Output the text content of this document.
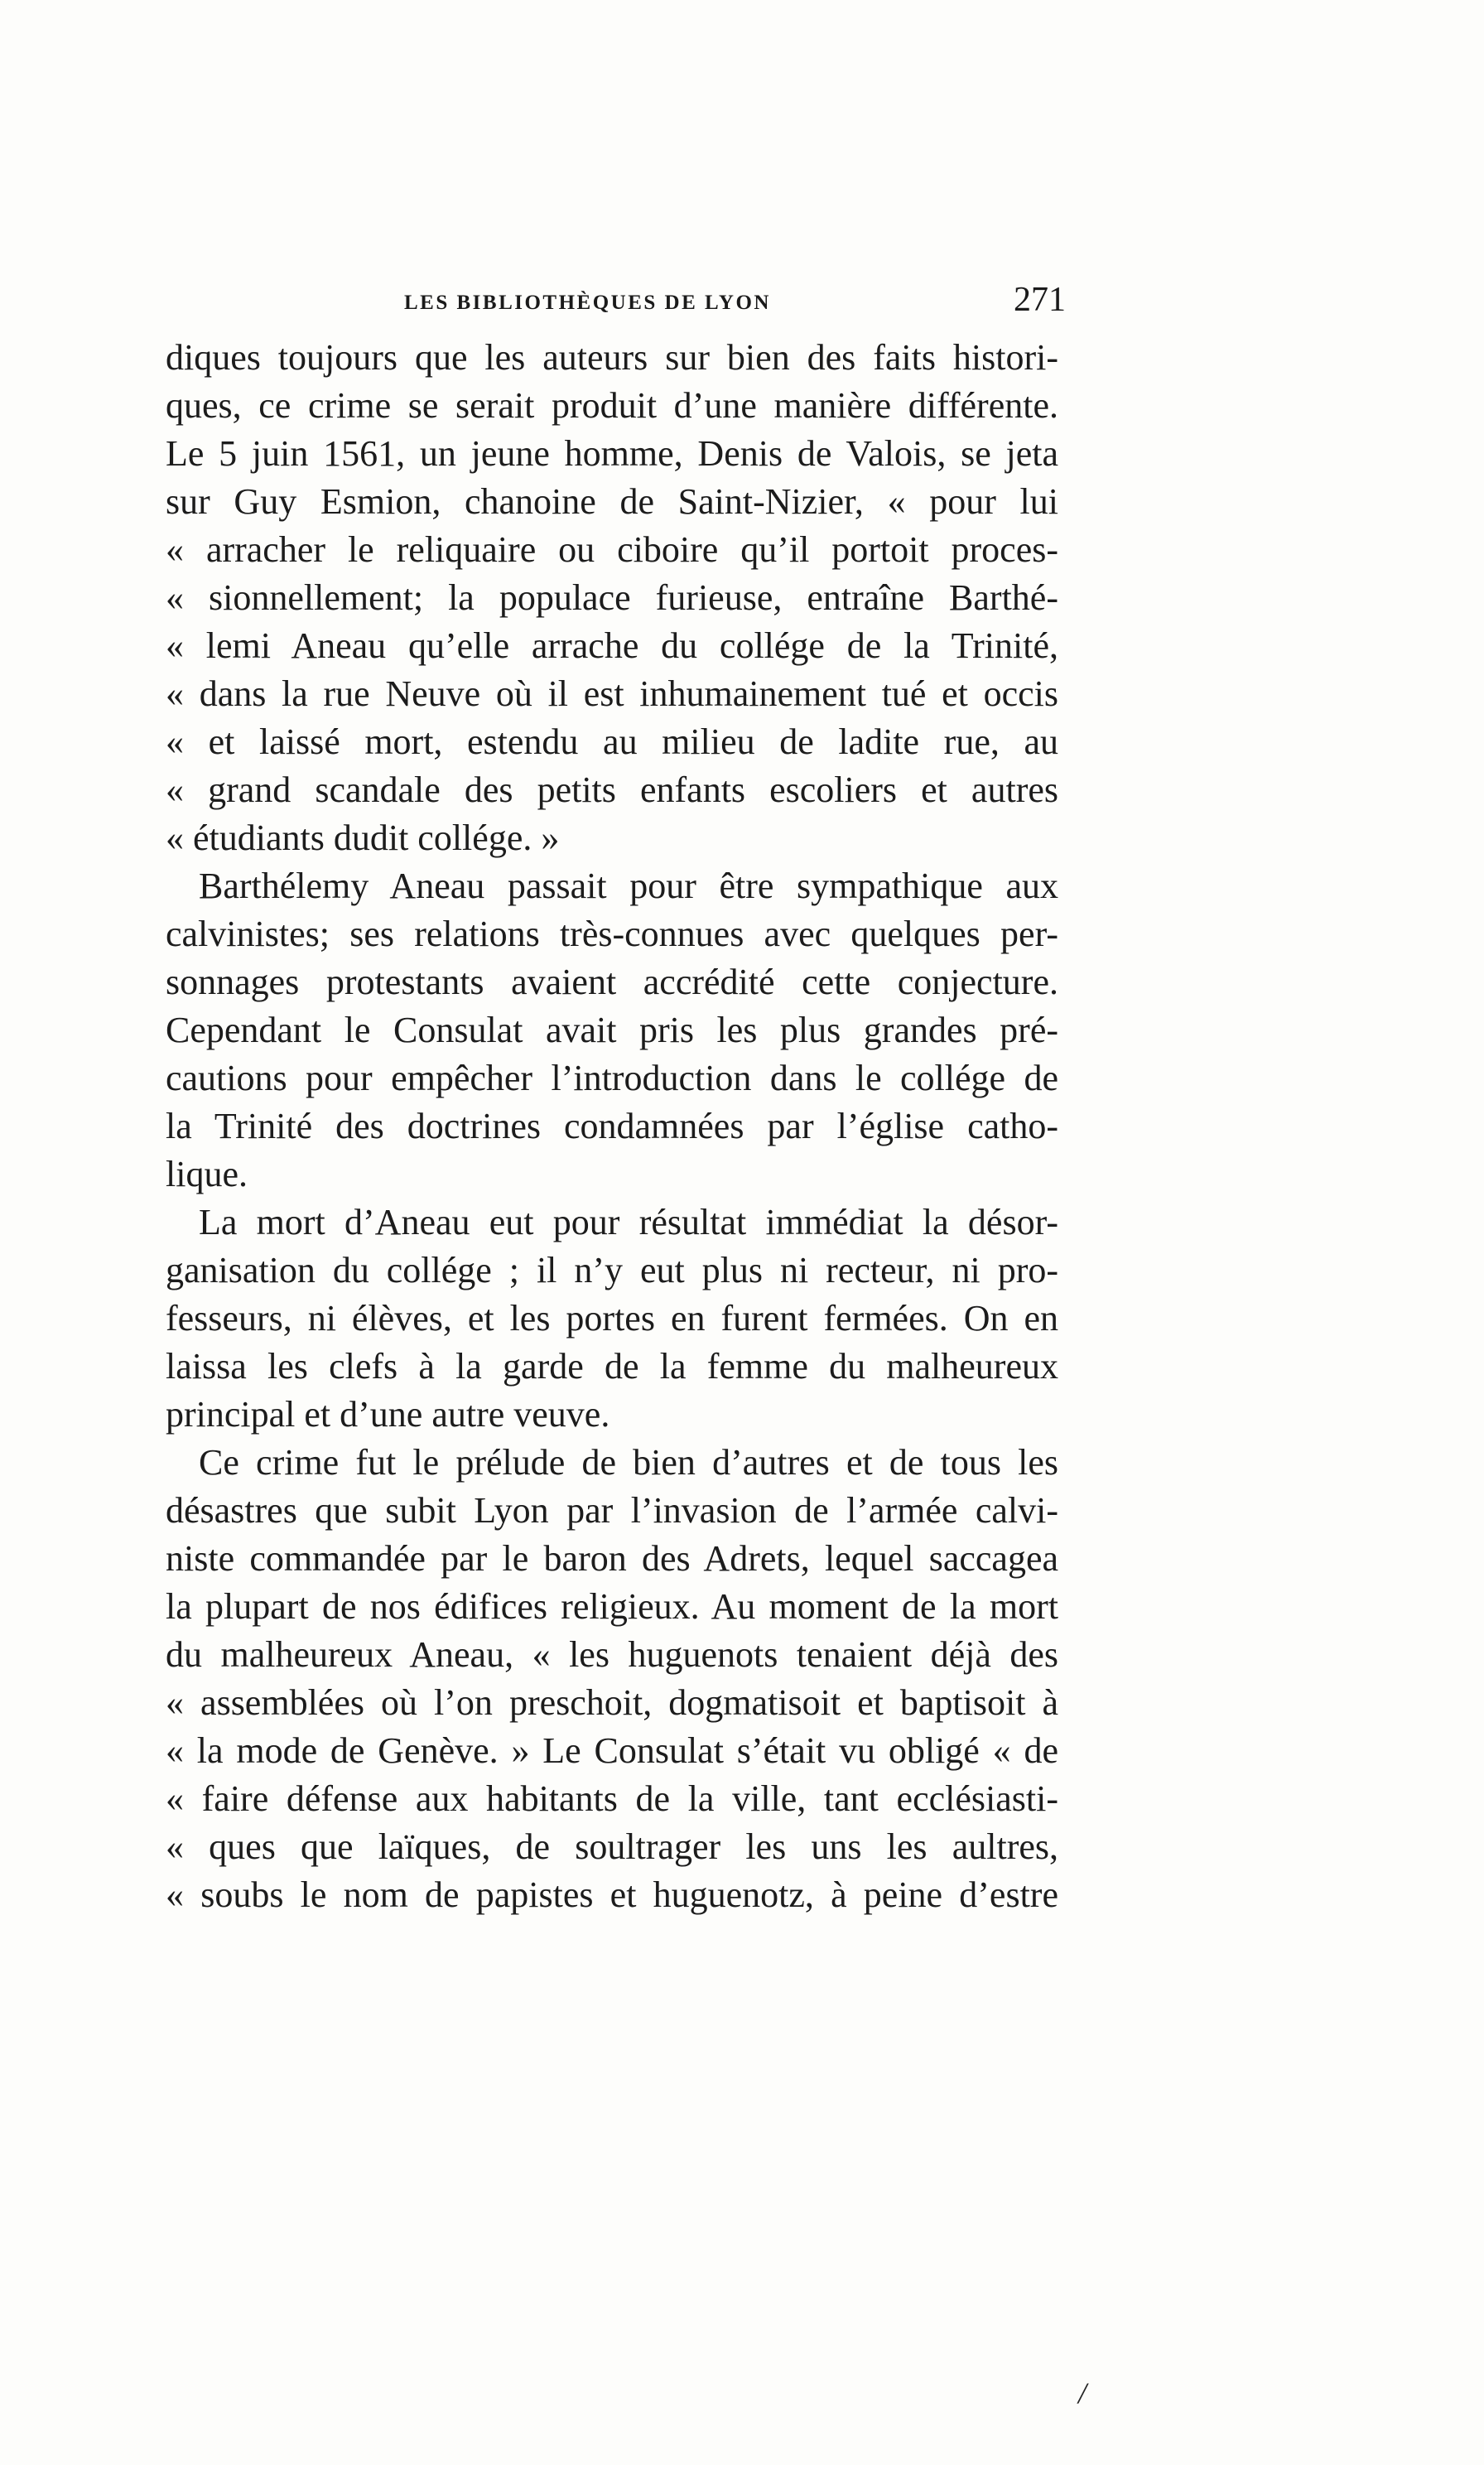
LES BIBLIOTHÈQUES DE LYON	271
diques toujours que les auteurs sur bien des faits histori-
ques, ce crime se serait produit d’une manière différente.
Le 5 juin 1561, un jeune homme, Denis de Valois, se jeta
sur Guy Esmion, chanoine de Saint-Nizier, « pour lui
« arracher le reliquaire ou ciboire qu’il portoit proces-
« sionnellement; la populace furieuse, entraîne Barthé-
« lemi Aneau qu’elle arrache du collége de la Trinité,
« dans la rue Neuve où il est inhumainement tué et occis
« et laissé mort, estendu au milieu de ladite rue, au
« grand scandale des petits enfants escoliers et autres
« étudiants dudit collége. »
Barthélemy Aneau passait pour être sympathique aux
calvinistes; ses relations très-connues avec quelques per-
sonnages protestants avaient accrédité cette conjecture.
Cependant le Consulat avait pris les plus grandes pré-
cautions pour empêcher l’introduction dans le collége de
la Trinité des doctrines condamnées par l’église catho-
lique.
La mort d’Aneau eut pour résultat immédiat la désor-
ganisation du collége ; il n’y eut plus ni recteur, ni pro-
fesseurs, ni élèves, et les portes en furent fermées. On en
laissa les clefs à la garde de la femme du malheureux
principal et d’une autre veuve.
Ce crime fut le prélude de bien d’autres et de tous les
désastres que subit Lyon par l’invasion de l’armée calvi-
niste commandée par le baron des Adrets, lequel saccagea
la plupart de nos édifices religieux. Au moment de la mort
du malheureux Aneau, « les huguenots tenaient déjà des
« assemblées où l’on preschoit, dogmatisoit et baptisoit à
« la mode de Genève. » Le Consulat s’était vu obligé « de
« faire défense aux habitants de la ville, tant ecclésiasti-
« ques que laïques, de soultrager les uns les aultres,
« soubs le nom de papistes et huguenotz, à peine d’estre
/
